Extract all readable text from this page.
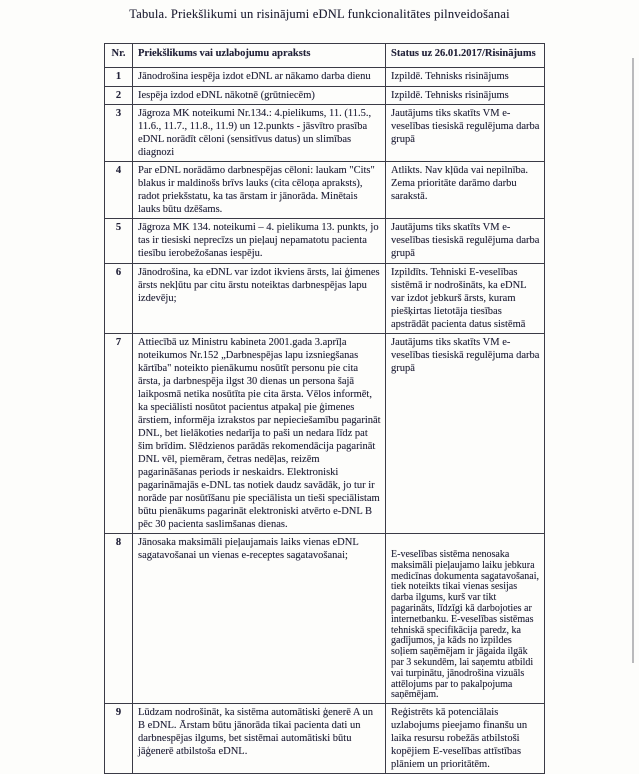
Tabula. Priekšlikumi un risinājumi eDNL funkcionalitātes pilnveidošanai
Nr.	Priekšlikums vai uzlabojumu apraksts	Status uz 26.01.2017/Risinājums
1	Jānodrošina iespēja izdot eDNL ar nākamo darba dienu	Izpildē. Tehnisks risinājums
2	Iespēja izdod eDNL nākotnē (grūtniecēm)	Izpildē. Tehnisks risinājums
3	Jāgroza MK noteikumi Nr.134.: 4.pielikums, 11. (11.5., 11.6., 11.7., 11.8., 11.9) un 12.punkts - jāsvītro prasība eDNL norādīt cēloni (sensitīvus datus) un slimības diagnozi	Jautājums tiks skatīts VM e-veselības tiesiskā regulējuma darba grupā
4	Par eDNL norādāmo darbnespējas cēloni: laukam "Cits" blakus ir maldinošs brīvs lauks (cita cēloņa apraksts), radot priekšstatu, ka tas ārstam ir jānorāda. Minētais lauks būtu dzēšams.	Atlikts. Nav kļūda vai nepilnība. Zema prioritāte darāmo darbu sarakstā.
5	Jāgroza MK 134. noteikumi – 4. pielikuma 13. punkts, jo tas ir tiesiski neprecīzs un pieļauj nepamatotu pacienta tiesību ierobežošanas iespēju.	Jautājums tiks skatīts VM e-veselības tiesiskā regulējuma darba grupā
6	Jānodrošina, ka eDNL var izdot ikviens ārsts, lai ģimenes ārsts nekļūtu par citu ārstu noteiktas darbnespējas lapu izdevēju;	Izpildīts. Tehniski E-veselības sistēmā ir nodrošināts, ka eDNL var izdot jebkurš ārsts, kuram piešķirtas lietotāja tiesības apstrādāt pacienta datus sistēmā
7	Attiecībā uz Ministru kabineta 2001.gada 3.aprīļa noteikumos Nr.152 „Darbnespējas lapu izsniegšanas kārtība" noteikto pienākumu nosūtīt personu pie cita ārsta, ja darbnespēja ilgst 30 dienas un persona šajā laikposmā netika nosūtīta pie cita ārsta. Vēlos informēt, ka speciālisti nosūtot pacientus atpakaļ pie ģimenes ārstiem, informēja izrakstos par nepieciešamību pagarināt DNL, bet lielākoties nedarīja to paši un nedara līdz pat šim brīdim. Slēdzienos parādās rekomendācija pagarināt DNL vēl, piemēram, četras nedēļas, reizēm pagarināšanas periods ir neskaidrs. Elektroniski pagarināmajās e-DNL tas notiek daudz savādāk, jo tur ir norāde par nosūtīšanu pie speciālista un tieši speciālistam būtu pienākums pagarināt elektroniski atvērto e-DNL B pēc 30 pacienta saslimšanas dienas.	Jautājums tiks skatīts VM e-veselības tiesiskā regulējuma darba grupā
8	Jānosaka maksimāli pieļaujamais laiks vienas eDNL sagatavošanai un vienas e-receptes sagatavošanai;	E-veselības sistēma nenosaka maksimāli pieļaujamo laiku jebkura medicīnas dokumenta sagatavošanai, tiek noteikts tikai vienas sesijas darba ilgums, kurš var tikt pagarināts, līdzīgi kā darbojoties ar internetbanku. E-veselības sistēmas tehniskā specifikācija paredz, ka gadījumos, ja kāds no izpildes soļiem saņēmējam ir jāgaida ilgāk par 3 sekundēm, lai saņemtu atbildi vai turpinātu, jānodrošina vizuāls attēlojums par to pakalpojuma saņēmējam.
9	Lūdzam nodrošināt, ka sistēma automātiski ģenerē A un B eDNL. Ārstam būtu jānorāda tikai pacienta dati un darbnespējas ilgums, bet sistēmai automātiski būtu jāģenerē atbilstoša eDNL.	Reģistrēts kā potenciālais uzlabojums pieejamo finanšu un laika resursu robežās atbilstoši kopējiem E-veselības attīstības plāniem un prioritātēm.
